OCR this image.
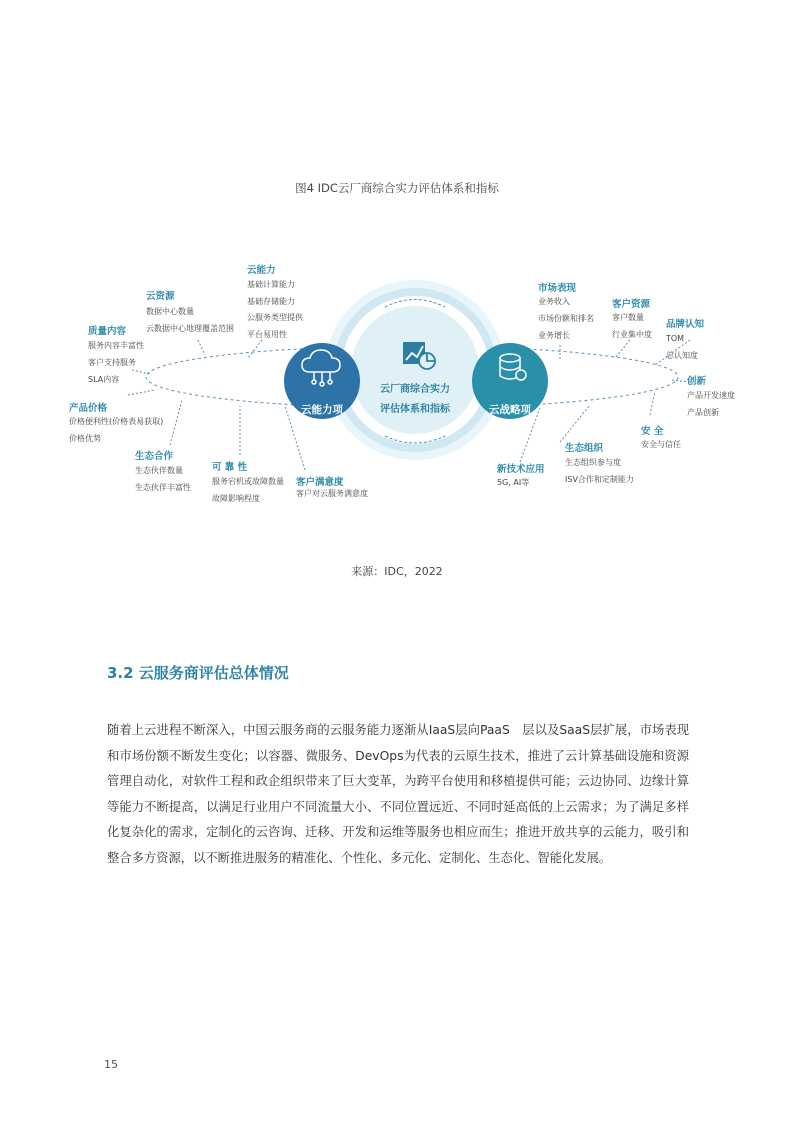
图4 IDC云厂商综合实力评估体系和指标
云能力项	云战略项
云厂商综合实力
评估体系和指标
云能力
基础计算能力
基础存储能力
公服务类型提供
平台易用性
云资源
数据中心数量
云数据中心地理覆盖范围
质量内容
服务内容丰富性
客户支持服务
SLA内容
产品价格
价格便利性(价格表易获取)
价格优势
生态合作
生态伙伴数量
生态伙伴丰富性
可 靠 性
服务宕机或故障数量
故障影响程度
客户满意度
客户对云服务满意度
市场表现
业务收入
市场份额和排名
业务增长
客户资源
客户数量
行业集中度
品牌认知
TOM
总认知度
创新
产品开发速度
产品创新
安 全
安全与信任
生态组织
生态组织参与度
ISV合作和定制能力
新技术应用
5G, AI等
来源：IDC，2022
3.2 云服务商评估总体情况
随着上云进程不断深入，中国云服务商的云服务能力逐渐从IaaS层向PaaS　层以及SaaS层扩展，市场表现和市场份额不断发生变化；以容器、微服务、DevOps为代表的云原生技术，推进了云计算基础设施和资源管理自动化，对软件工程和政企组织带来了巨大变革，为跨平台使用和移植提供可能；云边协同、边缘计算等能力不断提高，以满足行业用户不同流量大小、不同位置远近、不同时延高低的上云需求；为了满足多样化复杂化的需求，定制化的云咨询、迁移、开发和运维等服务也相应而生；推进开放共享的云能力，吸引和整合多方资源，以不断推进服务的精准化、个性化、多元化、定制化、生态化、智能化发展。
15
